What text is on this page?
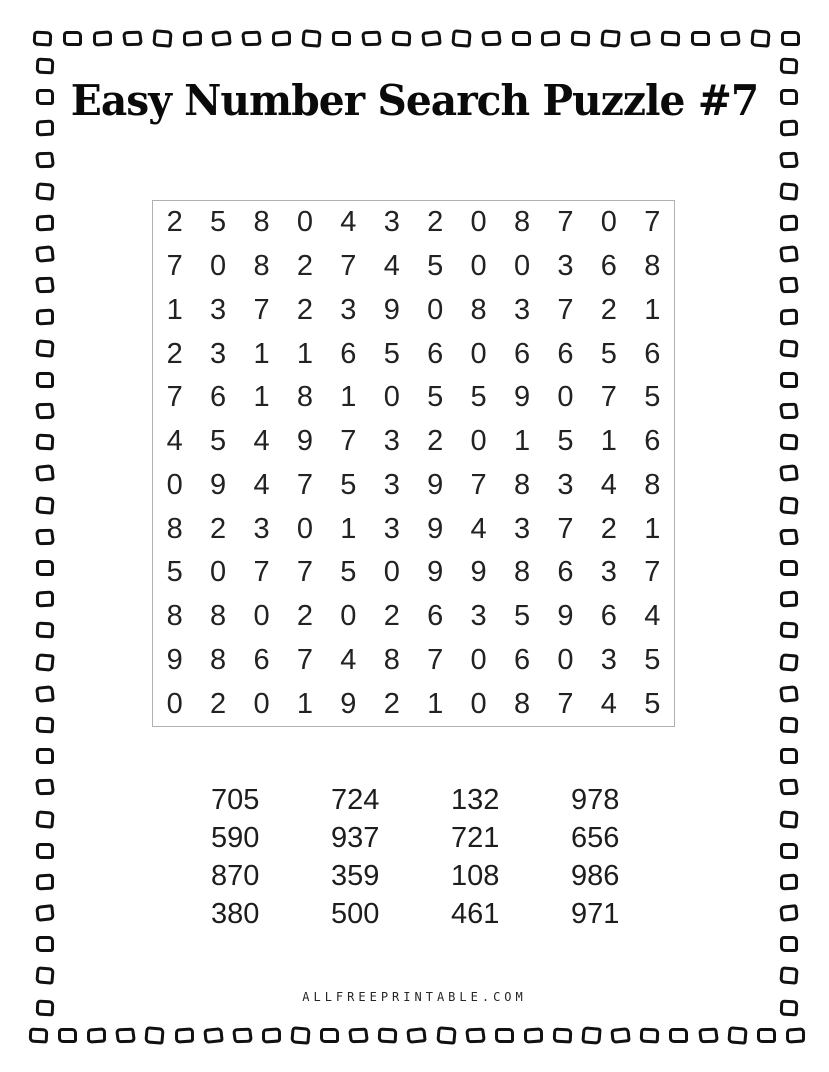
Easy Number Search Puzzle #7
2 5 8 0 4 3 2 0 8 7 0 7
7 0 8 2 7 4 5 0 0 3 6 8
1 3 7 2 3 9 0 8 3 7 2 1
2 3 1 1 6 5 6 0 6 6 5 6
7 6 1 8 1 0 5 5 9 0 7 5
4 5 4 9 7 3 2 0 1 5 1 6
0 9 4 7 5 3 9 7 8 3 4 8
8 2 3 0 1 3 9 4 3 7 2 1
5 0 7 7 5 0 9 9 8 6 3 7
8 8 0 2 0 2 6 3 5 9 6 4
9 8 6 7 4 8 7 0 6 0 3 5
0 2 0 1 9 2 1 0 8 7 4 5
705	724	132	978
590	937	721	656
870	359	108	986
380	500	461	971
ALLFREEPRINTABLE.COM
